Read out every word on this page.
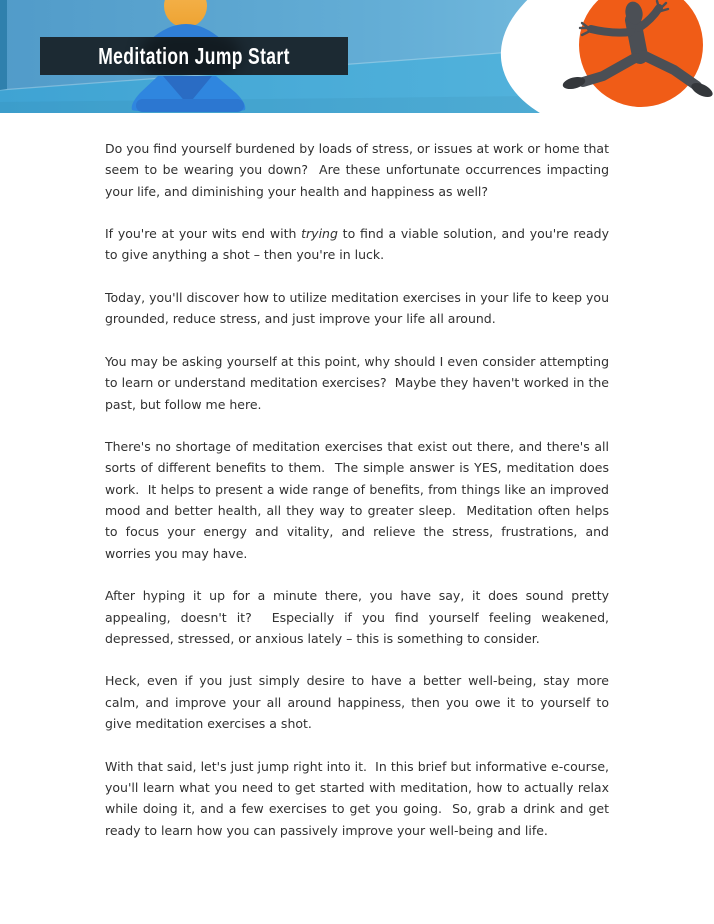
Meditation Jump Start

Do you find yourself burdened by loads of stress, or issues at work or home that seem to be wearing you down?  Are these unfortunate occurrences impacting your life, and diminishing your health and happiness as well?

If you're at your wits end with trying to find a viable solution, and you're ready to give anything a shot – then you're in luck.

Today, you'll discover how to utilize meditation exercises in your life to keep you grounded, reduce stress, and just improve your life all around.

You may be asking yourself at this point, why should I even consider attempting to learn or understand meditation exercises?  Maybe they haven't worked in the past, but follow me here.

There's no shortage of meditation exercises that exist out there, and there's all sorts of different benefits to them.  The simple answer is YES, meditation does work.  It helps to present a wide range of benefits, from things like an improved mood and better health, all they way to greater sleep.  Meditation often helps to focus your energy and vitality, and relieve the stress, frustrations, and worries you may have.

After hyping it up for a minute there, you have say, it does sound pretty appealing, doesn't it?  Especially if you find yourself feeling weakened, depressed, stressed, or anxious lately – this is something to consider.

Heck, even if you just simply desire to have a better well-being, stay more calm, and improve your all around happiness, then you owe it to yourself to give meditation exercises a shot.

With that said, let's just jump right into it.  In this brief but informative e-course, you'll learn what you need to get started with meditation, how to actually relax while doing it, and a few exercises to get you going.  So, grab a drink and get ready to learn how you can passively improve your well-being and life.
